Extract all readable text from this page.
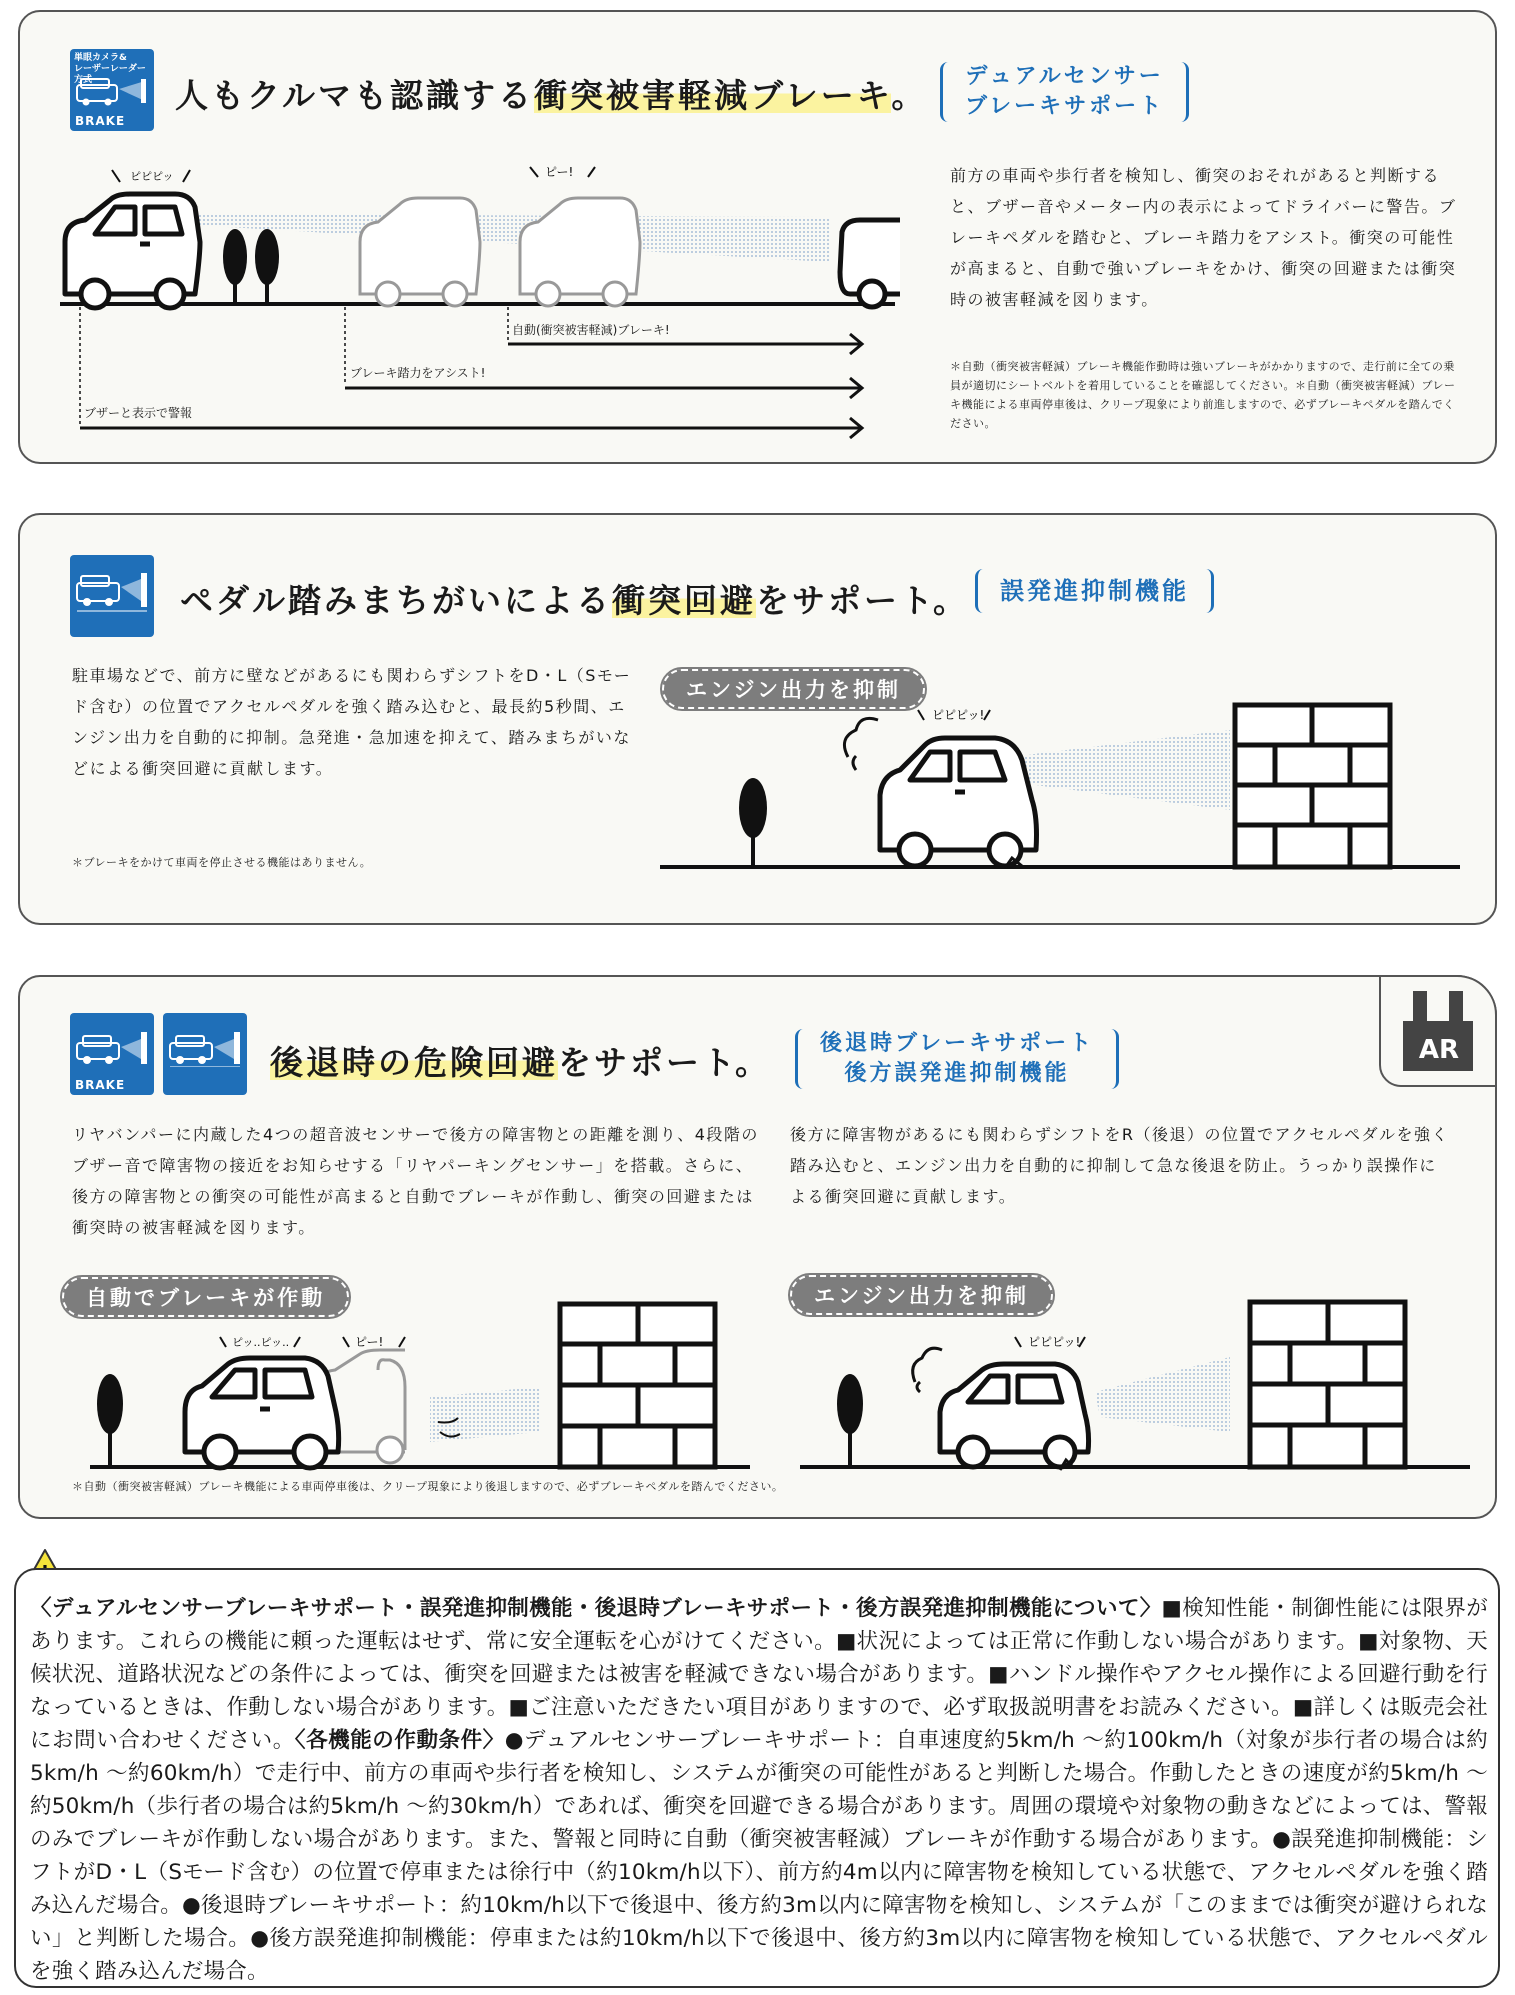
単眼カメラ&
レーザーレーダー方式
BRAKE
人もクルマも認識する衝突被害軽減ブレーキ。 デュアルセンサー
ブレーキサポート
ピピピッ	ピー!
自動(衝突被害軽減)ブレーキ!
ブレーキ踏力をアシスト!
ブザーと表示で警報
前方の車両や歩行者を検知し、衝突のおそれがあると判断すると、ブザー音やメーター内の表示によってドライバーに警告。ブレーキペダルを踏むと、ブレーキ踏力をアシスト。衝突の可能性が高まると、自動で強いブレーキをかけ、衝突の回避または衝突時の被害軽減を図ります。
＊自動（衝突被害軽減）ブレーキ機能作動時は強いブレーキがかかりますので、走行前に全ての乗員が適切にシートベルトを着用していることを確認してください。＊自動（衝突被害軽減）ブレーキ機能による車両停車後は、クリープ現象により前進しますので、必ずブレーキペダルを踏んでください。
ペダル踏みまちがいによる衝突回避をサポート。 誤発進抑制機能
駐車場などで、前方に壁などがあるにも関わらずシフトをD・L（Sモード含む）の位置でアクセルペダルを強く踏み込むと、最長約5秒間、エンジン出力を自動的に抑制。急発進・急加速を抑えて、踏みまちがいなどによる衝突回避に貢献します。
＊ブレーキをかけて車両を停止させる機能はありません。
エンジン出力を抑制
ピピピッ!
BRAKE
後退時の危険回避をサポート。 後退時ブレーキサポート
後方誤発進抑制機能
AR
リヤバンパーに内蔵した4つの超音波センサーで後方の障害物との距離を測り、4段階のブザー音で障害物の接近をお知らせする「リヤパーキングセンサー」を搭載。さらに、後方の障害物との衝突の可能性が高まると自動でブレーキが作動し、衝突の回避または衝突時の被害軽減を図ります。
後方に障害物があるにも関わらずシフトをR（後退）の位置でアクセルペダルを強く踏み込むと、エンジン出力を自動的に抑制して急な後退を防止。うっかり誤操作による衝突回避に貢献します。
自動でブレーキが作動	エンジン出力を抑制
ピッ..ピッ..	ピー!	ピピピッ!
＊自動（衝突被害軽減）ブレーキ機能による車両停車後は、クリープ現象により後退しますので、必ずブレーキペダルを踏んでください。
〈デュアルセンサーブレーキサポート・誤発進抑制機能・後退時ブレーキサポート・後方誤発進抑制機能について〉■検知性能・制御性能には限界があります。これらの機能に頼った運転はせず、常に安全運転を心がけてください。■状況によっては正常に作動しない場合があります。■対象物、天候状況、道路状況などの条件によっては、衝突を回避または被害を軽減できない場合があります。■ハンドル操作やアクセル操作による回避行動を行なっているときは、作動しない場合があります。■ご注意いただきたい項目がありますので、必ず取扱説明書をお読みください。■詳しくは販売会社にお問い合わせください。〈各機能の作動条件〉●デュアルセンサーブレーキサポート：自車速度約5km/h ～約100km/h（対象が歩行者の場合は約5km/h ～約60km/h）で走行中、前方の車両や歩行者を検知し、システムが衝突の可能性があると判断した場合。作動したときの速度が約5km/h ～約50km/h（歩行者の場合は約5km/h ～約30km/h）であれば、衝突を回避できる場合があります。周囲の環境や対象物の動きなどによっては、警報のみでブレーキが作動しない場合があります。また、警報と同時に自動（衝突被害軽減）ブレーキが作動する場合があります。●誤発進抑制機能：シフトがD・L（Sモード含む）の位置で停車または徐行中（約10km/h以下）、前方約4m以内に障害物を検知している状態で、アクセルペダルを強く踏み込んだ場合。●後退時ブレーキサポート：約10km/h以下で後退中、後方約3m以内に障害物を検知し、システムが「このままでは衝突が避けられない」と判断した場合。●後方誤発進抑制機能：停車または約10km/h以下で後退中、後方約3m以内に障害物を検知している状態で、アクセルペダルを強く踏み込んだ場合。
